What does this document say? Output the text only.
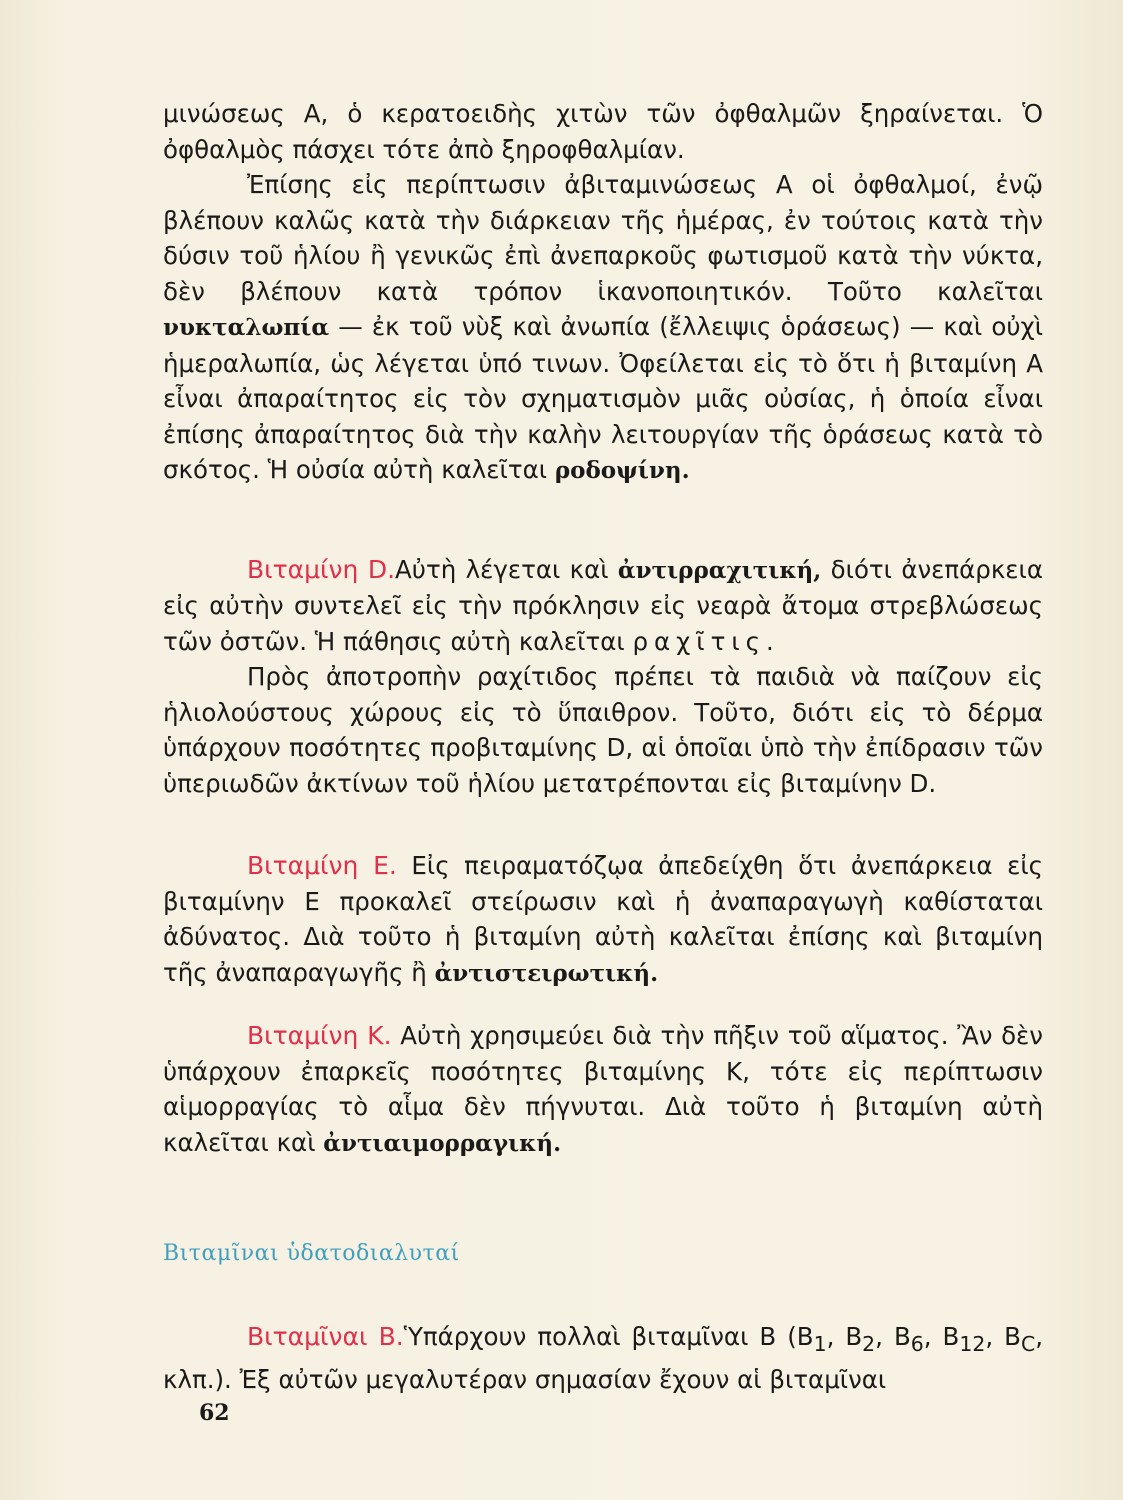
μινώσεως Α, ὁ κερατοειδὴς χιτὼν τῶν ὀφθαλμῶν ξηραίνεται. Ὁ ὀφθαλμὸς πάσχει τότε ἀπὸ ξηροφθαλμίαν.

Ἐπίσης εἰς περίπτωσιν ἀβιταμινώσεως Α οἱ ὀφθαλμοί, ἐνῷ βλέπουν καλῶς κατὰ τὴν διάρκειαν τῆς ἡμέρας, ἐν τούτοις κατὰ τὴν δύσιν τοῦ ἡλίου ἢ γενικῶς ἐπὶ ἀνεπαρκοῦς φωτισμοῦ κατὰ τὴν νύκτα, δὲν βλέπουν κατὰ τρόπον ἱκανοποιητικόν. Τοῦτο καλεῖται νυκταλωπία — ἐκ τοῦ νὺξ καὶ ἀνωπία (ἔλλειψις ὁράσεως) — καὶ οὐχὶ ἡμεραλωπία, ὡς λέγεται ὑπό τινων. Ὀφείλεται εἰς τὸ ὅτι ἡ βιταμίνη Α εἶναι ἀπαραίτητος εἰς τὸν σχηματισμὸν μιᾶς οὐσίας, ἡ ὁποία εἶναι ἐπίσης ἀπαραίτητος διὰ τὴν καλὴν λειτουργίαν τῆς ὁράσεως κατὰ τὸ σκότος. Ἡ οὐσία αὐτὴ καλεῖται ροδοψίνη.

Βιταμίνη D.Αὐτὴ λέγεται καὶ ἀντιρραχιτική, διότι ἀνεπάρκεια εἰς αὐτὴν συντελεῖ εἰς τὴν πρόκλησιν εἰς νεαρὰ ἄτομα στρεβλώσεως τῶν ὀστῶν. Ἡ πάθησις αὐτὴ καλεῖται ραχῖτις.

Πρὸς ἀποτροπὴν ραχίτιδος πρέπει τὰ παιδιὰ νὰ παίζουν εἰς ἡλιολούστους χώρους εἰς τὸ ὕπαιθρον. Τοῦτο, διότι εἰς τὸ δέρμα ὑπάρχουν ποσότητες προβιταμίνης D, αἱ ὁποῖαι ὑπὸ τὴν ἐπίδρασιν τῶν ὑπεριωδῶν ἀκτίνων τοῦ ἡλίου μετατρέπονται εἰς βιταμίνην D.

Βιταμίνη Ε. Εἰς πειραματόζῳα ἀπεδείχθη ὅτι ἀνεπάρκεια εἰς βιταμίνην Ε προκαλεῖ στείρωσιν καὶ ἡ ἀναπαραγωγὴ καθίσταται ἀδύνατος. Διὰ τοῦτο ἡ βιταμίνη αὐτὴ καλεῖται ἐπίσης καὶ βιταμίνη τῆς ἀναπαραγωγῆς ἢ ἀντιστειρωτική.

Βιταμίνη Κ. Αὐτὴ χρησιμεύει διὰ τὴν πῆξιν τοῦ αἵματος. Ἂν δὲν ὑπάρχουν ἐπαρκεῖς ποσότητες βιταμίνης Κ, τότε εἰς περίπτωσιν αἱμορραγίας τὸ αἷμα δὲν πήγνυται. Διὰ τοῦτο ἡ βιταμίνη αὐτὴ καλεῖται καὶ ἀντιαιμορραγική.

Βιταμῖναι ὑδατοδιαλυταί

Βιταμῖναι Β.Ὑπάρχουν πολλαὶ βιταμῖναι Β ($B_1$, $B_2$, $B_6$, $B_{12}$, $B_C$, κλπ.). Ἐξ αὐτῶν μεγαλυτέραν σημασίαν ἔχουν αἱ βιταμῖναι

62
